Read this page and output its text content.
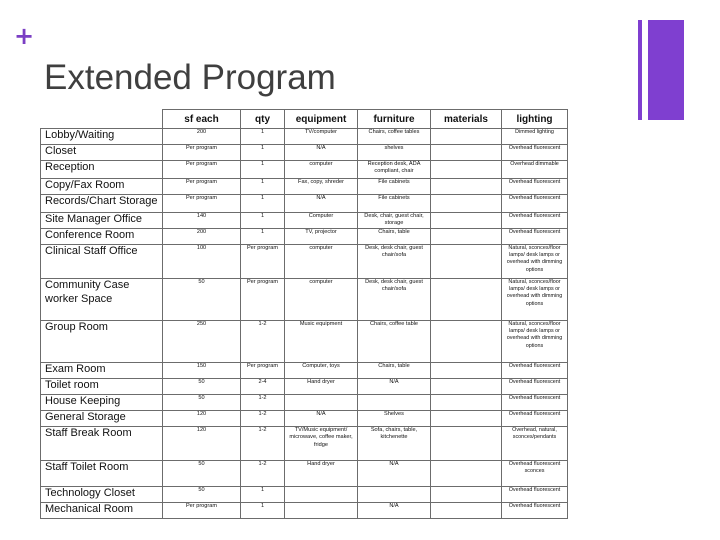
+
Extended Program
	sf each	qty	equipment	furniture	materials	lighting
Lobby/Waiting	200	1	TV/computer	Chairs, coffee tables		Dimmed lighting
Closet	Per program	1	N/A	shelves		Overhead fluorescent
Reception	Per program	1	computer	Reception desk, ADA compliant, chair		Overhead dimmable
Copy/Fax Room	Per program	1	Fax, copy, shreder	File cabinets		Overhead fluorescent
Records/Chart Storage	Per program	1	N/A	File cabinets		Overhead fluorescent
Site Manager Office	140	1	Computer	Desk, chair, guest chair, storage		Overhead fluorescent
Conference Room	200	1	TV, projector	Chairs, table		Overhead fluorescent
Clinical Staff Office	100	Per program	computer	Desk, desk chair, guest chair/sofa		Natural, sconces/floor lamps/ desk lamps or overhead with dimming options
Community Case worker Space	50	Per program	computer	Desk, desk chair, guest chair/sofa		Natural, sconces/floor lamps/ desk lamps or overhead with dimming options
Group Room	250	1-2	Music equipment	Chairs, coffee table		Natural, sconces/floor lamps/ desk lamps or overhead with dimming options
Exam Room	150	Per program	Computer, toys	Chairs, table		Overhead fluorescent
Toilet room	50	2-4	Hand dryer	N/A		Overhead fluorescent
House Keeping	50	1-2				Overhead fluorescent
General Storage	120	1-2	N/A	Shelves		Overhead fluorescent
Staff Break Room	120	1-2	TV/Music equipment/ microwave, coffee maker, fridge	Sofa, chairs, table, kitchenette		Overhead, natural, sconces/pendants
Staff Toilet Room	50	1-2	Hand dryer	N/A		Overhead fluorescent sconces
Technology Closet	50	1				Overhead fluorescent
Mechanical Room	Per program	1		N/A		Overhead fluorescent
